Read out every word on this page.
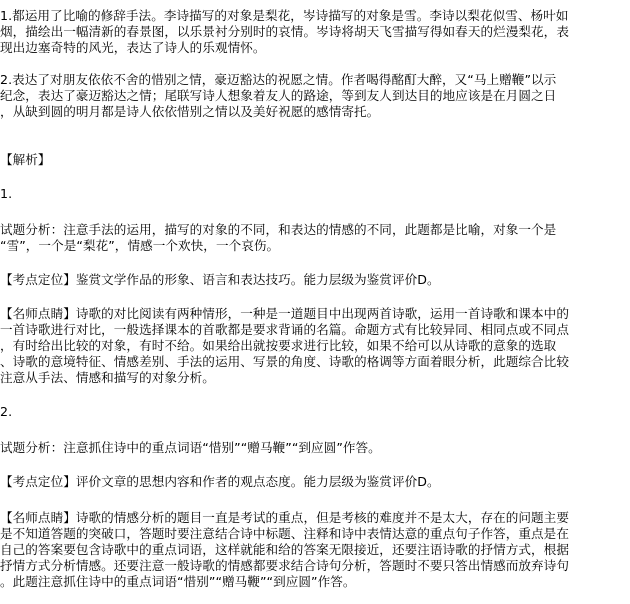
1.都运用了比喻的修辞手法。李诗描写的对象是梨花，岑诗描写的对象是雪。李诗以梨花似雪、杨叶如
烟，描绘出一幅清新的春景图，以乐景衬分别时的哀情。岑诗将胡天飞雪描写得如春天的烂漫梨花，表
现出边塞奇特的风光，表达了诗人的乐观情怀。
2.表达了对朋友依依不舍的惜别之情，豪迈豁达的祝愿之情。作者喝得酩酊大醉，又“马上赠鞭”以示
纪念，表达了豪迈豁达之情；尾联写诗人想象着友人的路途，等到友人到达目的地应该是在月圆之日
，从缺到圆的明月都是诗人依依惜别之情以及美好祝愿的感情寄托。
【解析】
1.
试题分析：注意手法的运用，描写的对象的不同，和表达的情感的不同，此题都是比喻，对象一个是
“雪”，一个是“梨花”，情感一个欢快，一个哀伤。
【考点定位】鉴赏文学作品的形象、语言和表达技巧。能力层级为鉴赏评价D。
【名师点睛】诗歌的对比阅读有两种情形，一种是一道题目中出现两首诗歌，运用一首诗歌和课本中的
一首诗歌进行对比，一般选择课本的首歌都是要求背诵的名篇。命题方式有比较异同、相同点或不同点
，有时给出比较的对象，有时不给。如果给出就按要求进行比较，如果不给可以从诗歌的意象的选取
、诗歌的意境特征、情感差别、手法的运用、写景的角度、诗歌的格调等方面着眼分析，此题综合比较
注意从手法、情感和描写的对象分析。
2.
试题分析：注意抓住诗中的重点词语“惜别”“赠马鞭”“到应圆”作答。
【考点定位】评价文章的思想内容和作者的观点态度。能力层级为鉴赏评价D。
【名师点睛】诗歌的情感分析的题目一直是考试的重点，但是考核的难度并不是太大，存在的问题主要
是不知道答题的突破口，答题时要注意结合诗中标题、注释和诗中表情达意的重点句子作答，重点是在
自己的答案要包含诗歌中的重点词语，这样就能和给的答案无限接近，还要注语诗歌的抒情方式，根据
抒情方式分析情感。还要注意一般诗歌的情感都要求结合诗句分析，答题时不要只答出情感而放弃诗句
。此题注意抓住诗中的重点词语“惜别”“赠马鞭”“到应圆”作答。
